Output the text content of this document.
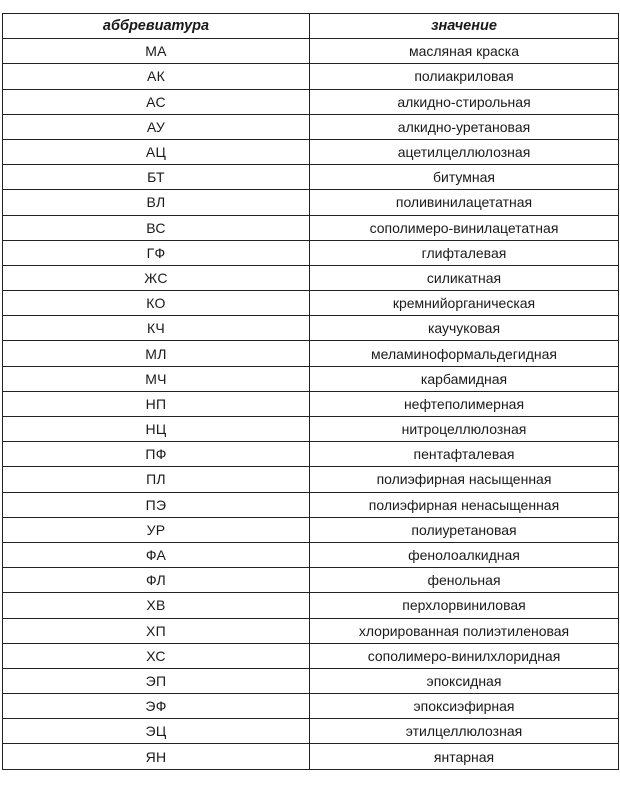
аббревиатура	значение
МА	масляная краска
АК	полиакриловая
АС	алкидно-стирольная
АУ	алкидно-уретановая
АЦ	ацетилцеллюлозная
БТ	битумная
ВЛ	поливинилацетатная
ВС	сополимеро-винилацетатная
ГФ	глифталевая
ЖС	силикатная
КО	кремнийорганическая
КЧ	каучуковая
МЛ	меламиноформальдегидная
МЧ	карбамидная
НП	нефтеполимерная
НЦ	нитроцеллюлозная
ПФ	пентафталевая
ПЛ	полиэфирная насыщенная
ПЭ	полиэфирная ненасыщенная
УР	полиуретановая
ФА	фенолоалкидная
ФЛ	фенольная
ХВ	перхлорвиниловая
ХП	хлорированная полиэтиленовая
ХС	сополимеро-винилхлоридная
ЭП	эпоксидная
ЭФ	эпоксиэфирная
ЭЦ	этилцеллюлозная
ЯН	янтарная
